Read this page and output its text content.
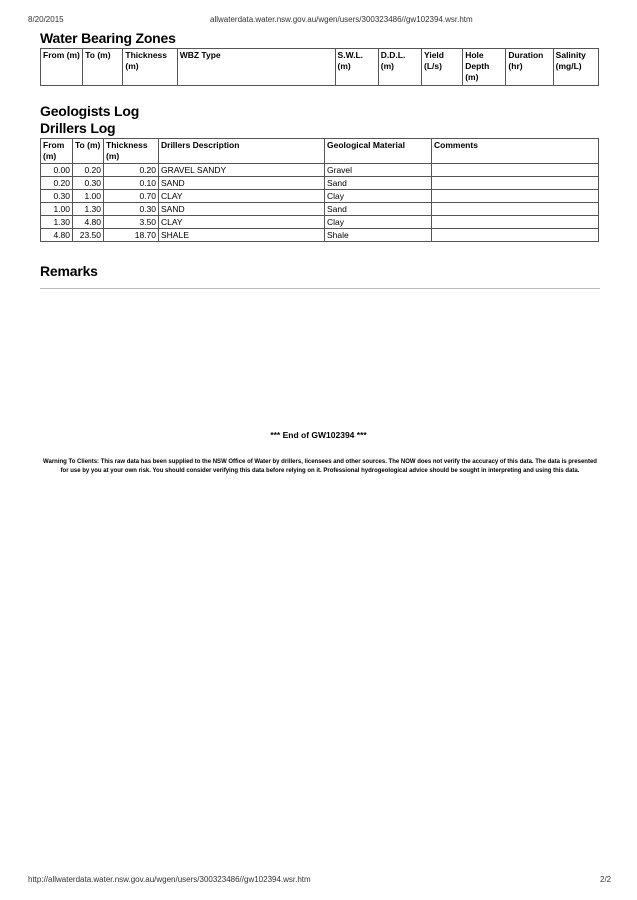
8/20/2015	allwaterdata.water.nsw.gov.au/wgen/users/300323486//gw102394.wsr.htm
Water Bearing Zones
From (m)	To (m)	Thickness (m)	WBZ Type	S.W.L. (m)	D.D.L. (m)	Yield (L/s)	Hole Depth (m)	Duration (hr)	Salinity (mg/L)
Geologists Log
Drillers Log
From (m)	To (m)	Thickness (m)	Drillers Description	Geological Material	Comments
0.00	0.20	0.20	GRAVEL SANDY	Gravel	
0.20	0.30	0.10	SAND	Sand	
0.30	1.00	0.70	CLAY	Clay	
1.00	1.30	0.30	SAND	Sand	
1.30	4.80	3.50	CLAY	Clay	
4.80	23.50	18.70	SHALE	Shale	
Remarks
*** End of GW102394 ***
Warning To Clients: This raw data has been supplied to the NSW Office of Water by drillers, licensees and other sources. The NOW does not verify the accuracy of this data. The data is presented for use by you at your own risk. You should consider verifying this data before relying on it. Professional hydrogeological advice should be sought in interpreting and using this data.
http://allwaterdata.water.nsw.gov.au/wgen/users/300323486//gw102394.wsr.htm	2/2
